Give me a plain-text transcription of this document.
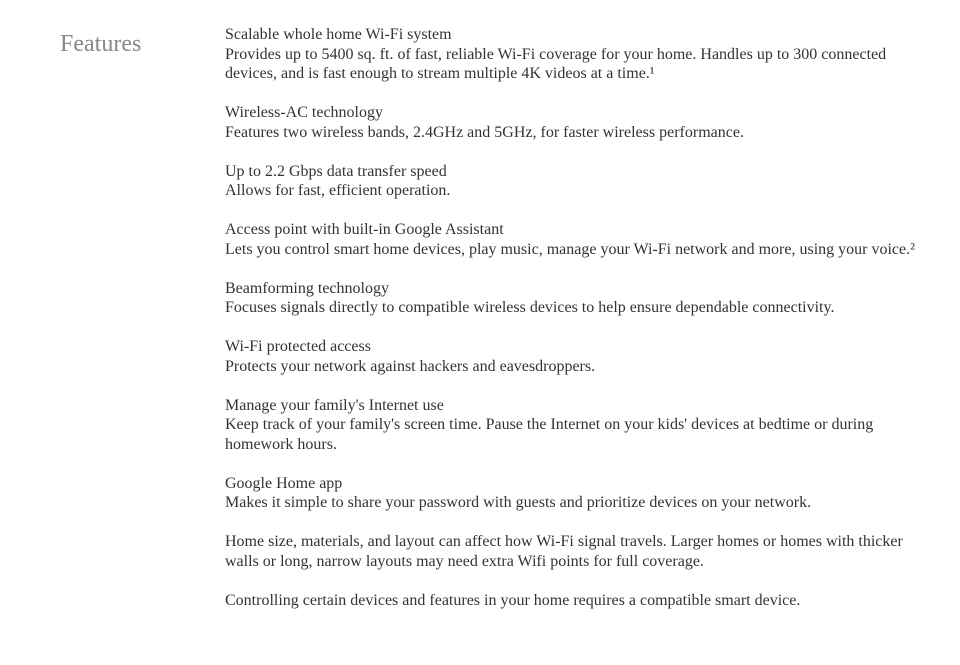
Features	Scalable whole home Wi-Fi system
Provides up to 5400 sq. ft. of fast, reliable Wi-Fi coverage for your home. Handles up to 300 connected devices, and is fast enough to stream multiple 4K videos at a time.¹
Wireless-AC technology
Features two wireless bands, 2.4GHz and 5GHz, for faster wireless performance.
Up to 2.2 Gbps data transfer speed
Allows for fast, efficient operation.
Access point with built-in Google Assistant
Lets you control smart home devices, play music, manage your Wi-Fi network and more, using your voice.²
Beamforming technology
Focuses signals directly to compatible wireless devices to help ensure dependable connectivity.
Wi-Fi protected access
Protects your network against hackers and eavesdroppers.
Manage your family's Internet use
Keep track of your family's screen time. Pause the Internet on your kids' devices at bedtime or during homework hours.
Google Home app
Makes it simple to share your password with guests and prioritize devices on your network.

Home size, materials, and layout can affect how Wi-Fi signal travels. Larger homes or homes with thicker walls or long, narrow layouts may need extra Wifi points for full coverage.

Controlling certain devices and features in your home requires a compatible smart device.
